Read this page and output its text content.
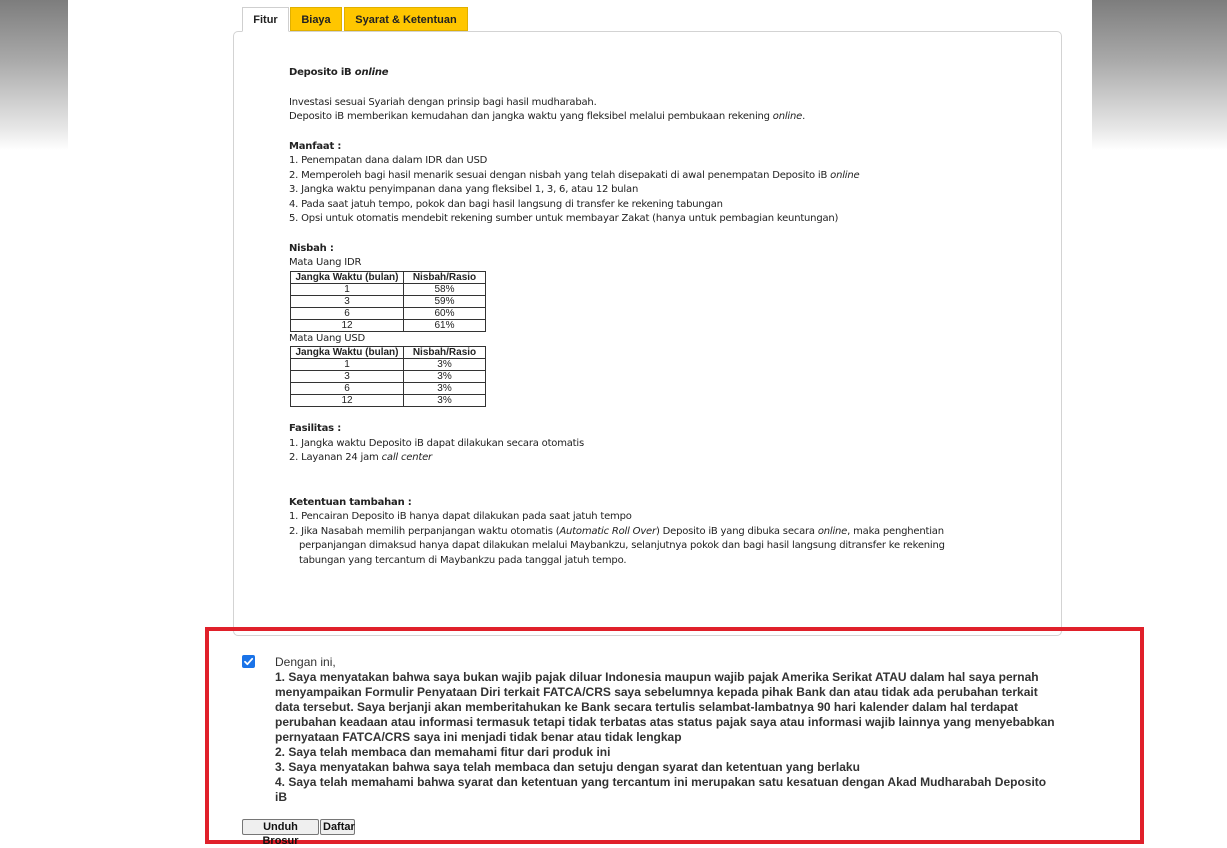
Fitur	Biaya	Syarat & Ketentuan

Deposito iB online

Investasi sesuai Syariah dengan prinsip bagi hasil mudharabah.

Deposito iB memberikan kemudahan dan jangka waktu yang fleksibel melalui pembukaan rekening online.

Manfaat :

1. Penempatan dana dalam IDR dan USD
2. Memperoleh bagi hasil menarik sesuai dengan nisbah yang telah disepakati di awal penempatan Deposito iB online
3. Jangka waktu penyimpanan dana yang fleksibel 1, 3, 6, atau 12 bulan
4. Pada saat jatuh tempo, pokok dan bagi hasil langsung di transfer ke rekening tabungan
5. Opsi untuk otomatis mendebit rekening sumber untuk membayar Zakat (hanya untuk pembagian keuntungan)

Nisbah :

Mata Uang IDR

Jangka Waktu (bulan)	Nisbah/Rasio
1	58%
3	59%
6	60%
12	61%

Mata Uang USD

Jangka Waktu (bulan)	Nisbah/Rasio
1	3%
3	3%
6	3%
12	3%

Fasilitas :

1. Jangka waktu Deposito iB dapat dilakukan secara otomatis

2. Layanan 24 jam call center

Ketentuan tambahan :

1. Pencairan Deposito iB hanya dapat dilakukan pada saat jatuh tempo

2. Jika Nasabah memilih perpanjangan waktu otomatis (Automatic Roll Over) Deposito iB yang dibuka secara online, maka penghentian perpanjangan dimaksud hanya dapat dilakukan melalui Maybankzu, selanjutnya pokok dan bagi hasil langsung ditransfer ke rekening tabungan yang tercantum di Maybankzu pada tanggal jatuh tempo.

Dengan ini,

1. Saya menyatakan bahwa saya bukan wajib pajak diluar Indonesia maupun wajib pajak Amerika Serikat ATAU dalam hal saya pernah menyampaikan Formulir Penyataan Diri terkait FATCA/CRS saya sebelumnya kepada pihak Bank dan atau tidak ada perubahan terkait data tersebut. Saya berjanji akan memberitahukan ke Bank secara tertulis selambat-lambatnya 90 hari kalender dalam hal terdapat perubahan keadaan atau informasi termasuk tetapi tidak terbatas atas status pajak saya atau informasi wajib lainnya yang menyebabkan pernyataan FATCA/CRS saya ini menjadi tidak benar atau tidak lengkap

2. Saya telah membaca dan memahami fitur dari produk ini

3. Saya menyatakan bahwa saya telah membaca dan setuju dengan syarat dan ketentuan yang berlaku

4. Saya telah memahami bahwa syarat dan ketentuan yang tercantum ini merupakan satu kesatuan dengan Akad Mudharabah Deposito iB

Unduh Brosur
Daftar
